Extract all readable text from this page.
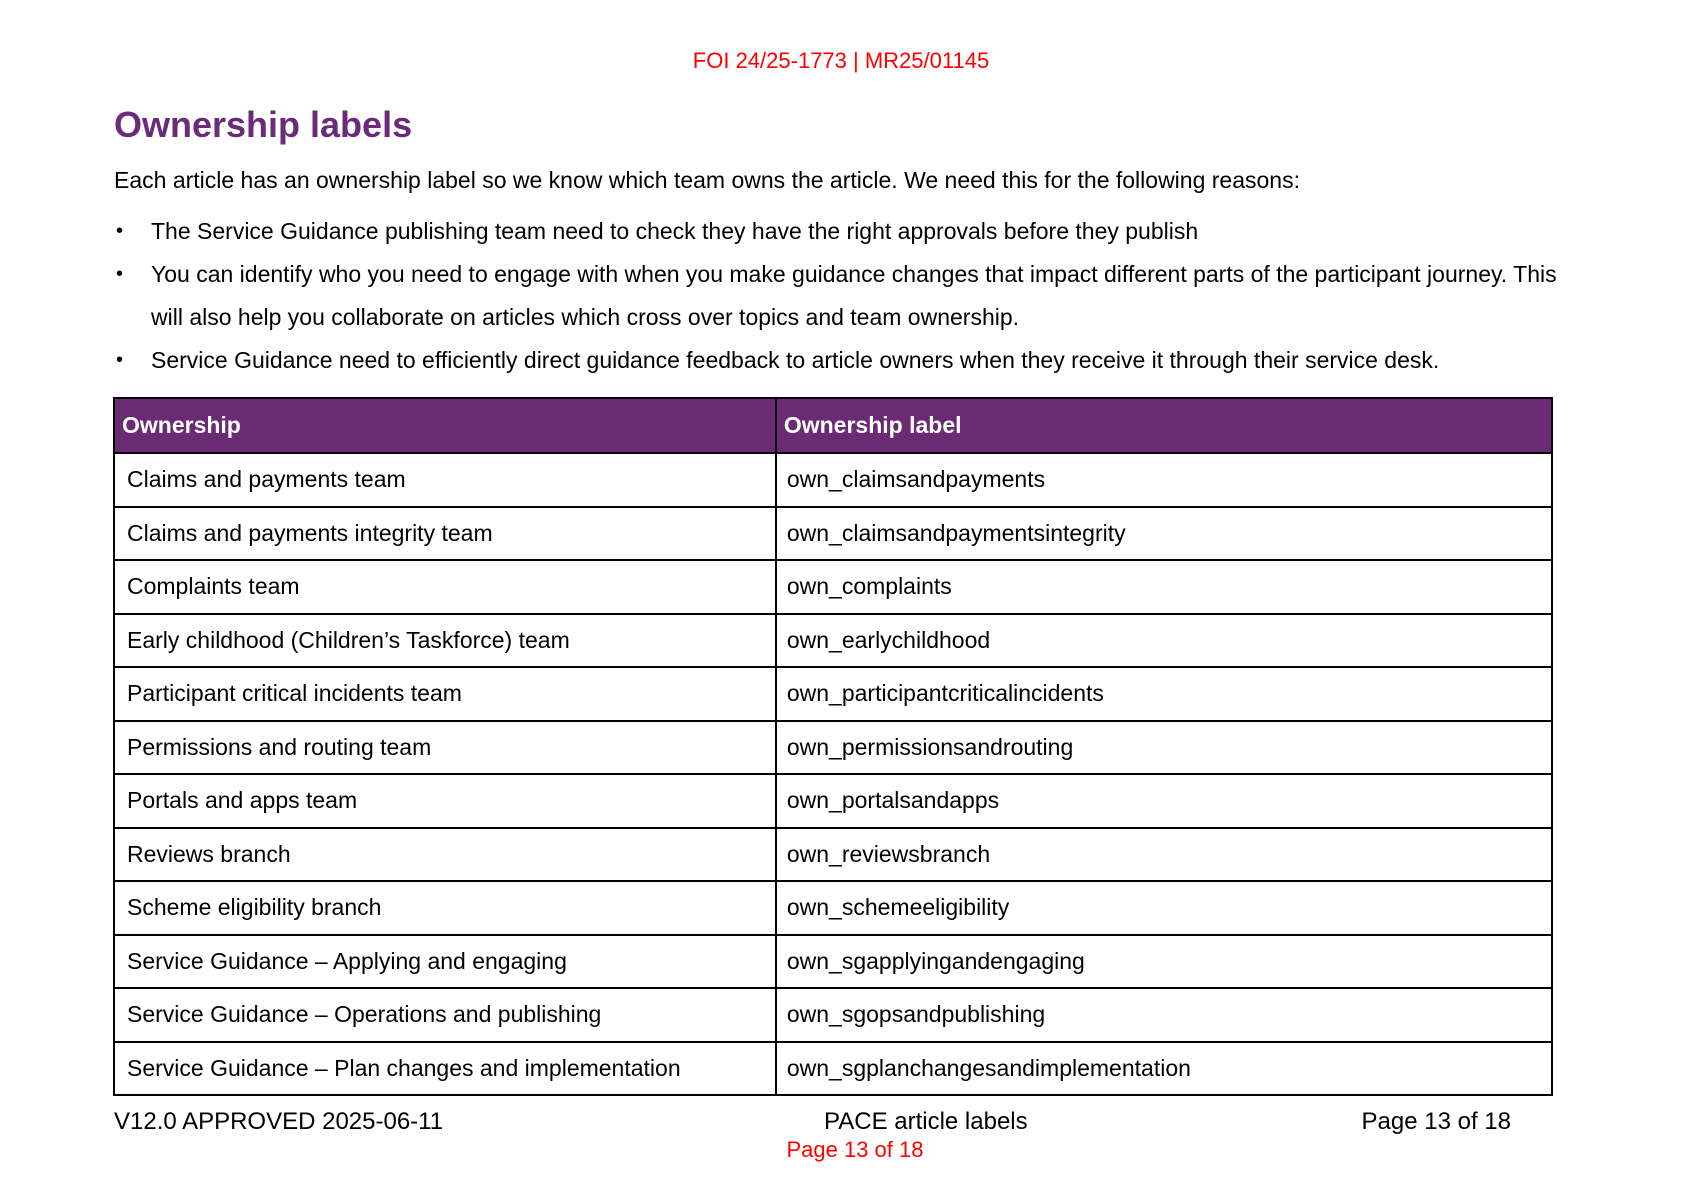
FOI 24/25-1773 | MR25/01145
Ownership labels

Each article has an ownership label so we know which team owns the article. We need this for the following reasons:

• The Service Guidance publishing team need to check they have the right approvals before they publish
• You can identify who you need to engage with when you make guidance changes that impact different parts of the participant journey. This will also help you collaborate on articles which cross over topics and team ownership.
• Service Guidance need to efficiently direct guidance feedback to article owners when they receive it through their service desk.
Ownership	Ownership label
Claims and payments team	own_claimsandpayments
Claims and payments integrity team	own_claimsandpaymentsintegrity
Complaints team	own_complaints
Early childhood (Children’s Taskforce) team	own_earlychildhood
Participant critical incidents team	own_participantcriticalincidents
Permissions and routing team	own_permissionsandrouting
Portals and apps team	own_portalsandapps
Reviews branch	own_reviewsbranch
Scheme eligibility branch	own_schemeeligibility
Service Guidance – Applying and engaging	own_sgapplyingandengaging
Service Guidance – Operations and publishing	own_sgopsandpublishing
Service Guidance – Plan changes and implementation	own_sgplanchangesandimplementation
V12.0 APPROVED 2025-06-11	PACE article labels	Page 13 of 18
Page 13 of 18
